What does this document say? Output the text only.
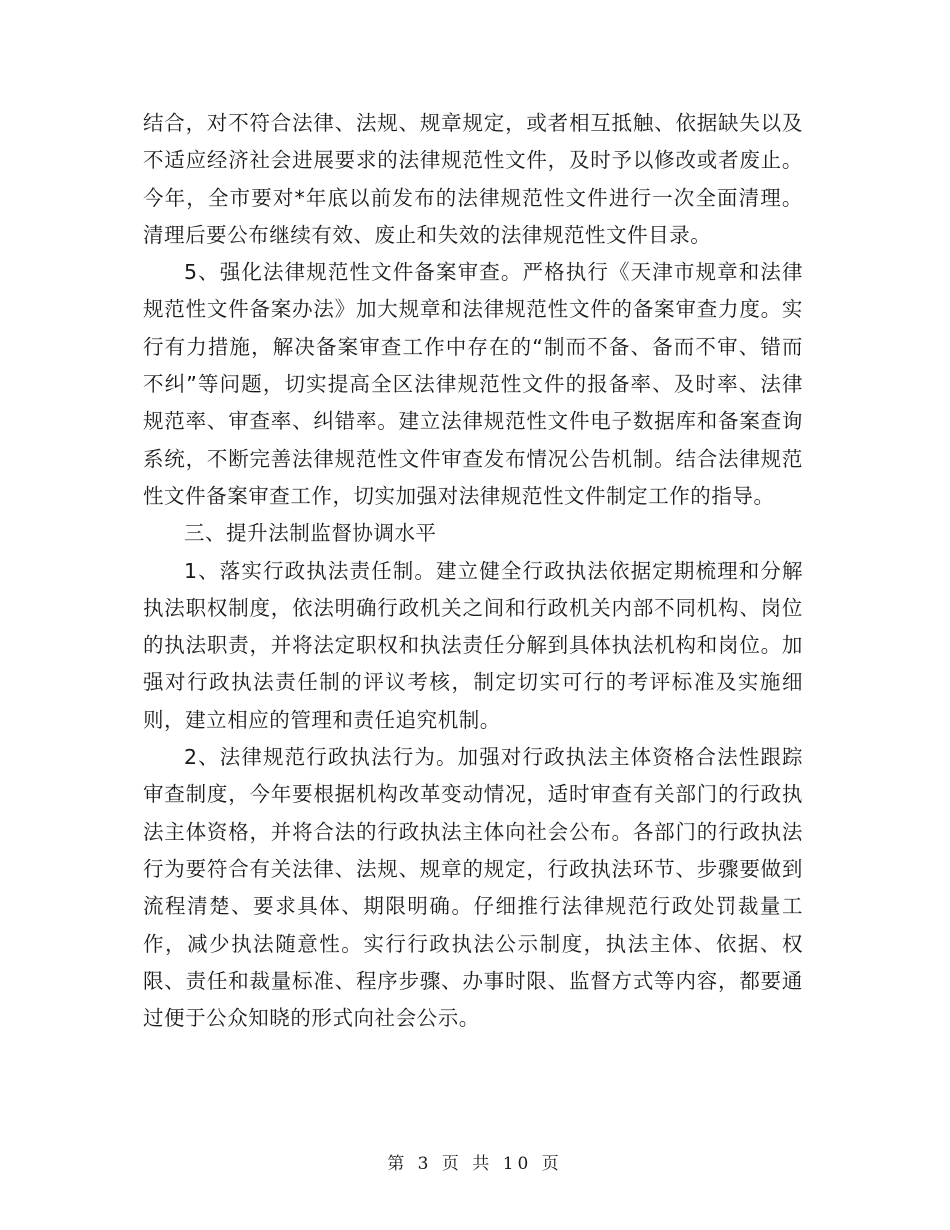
结合，对不符合法律、法规、规章规定，或者相互抵触、依据缺失以及不适应经济社会进展要求的法律规范性文件，及时予以修改或者废止。今年，全市要对*年底以前发布的法律规范性文件进行一次全面清理。清理后要公布继续有效、废止和失效的法律规范性文件目录。

5、强化法律规范性文件备案审查。严格执行《天津市规章和法律规范性文件备案办法》加大规章和法律规范性文件的备案审查力度。实行有力措施，解决备案审查工作中存在的“制而不备、备而不审、错而不纠”等问题，切实提高全区法律规范性文件的报备率、及时率、法律规范率、审查率、纠错率。建立法律规范性文件电子数据库和备案查询系统，不断完善法律规范性文件审查发布情况公告机制。结合法律规范性文件备案审查工作，切实加强对法律规范性文件制定工作的指导。

三、提升法制监督协调水平

1、落实行政执法责任制。建立健全行政执法依据定期梳理和分解执法职权制度，依法明确行政机关之间和行政机关内部不同机构、岗位的执法职责，并将法定职权和执法责任分解到具体执法机构和岗位。加强对行政执法责任制的评议考核，制定切实可行的考评标准及实施细则，建立相应的管理和责任追究机制。

2、法律规范行政执法行为。加强对行政执法主体资格合法性跟踪审查制度，今年要根据机构改革变动情况，适时审查有关部门的行政执法主体资格，并将合法的行政执法主体向社会公布。各部门的行政执法行为要符合有关法律、法规、规章的规定，行政执法环节、步骤要做到流程清楚、要求具体、期限明确。仔细推行法律规范行政处罚裁量工作，减少执法随意性。实行行政执法公示制度，执法主体、依据、权限、责任和裁量标准、程序步骤、办事时限、监督方式等内容，都要通过便于公众知晓的形式向社会公示。

第 3 页 共 10 页
